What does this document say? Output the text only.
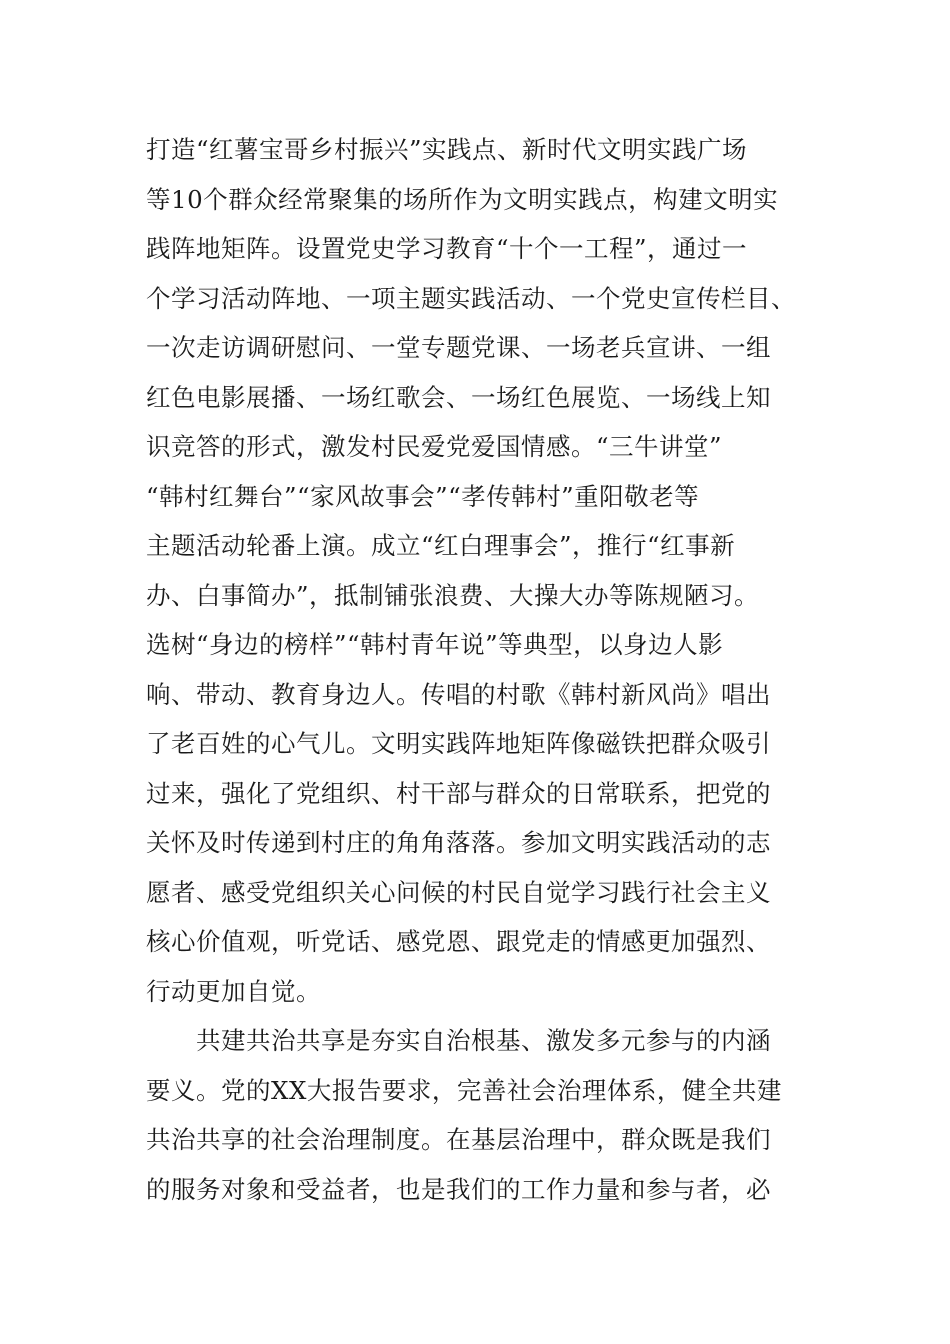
打造“红薯宝哥乡村振兴”实践点、新时代文明实践广场
等10个群众经常聚集的场所作为文明实践点，构建文明实
践阵地矩阵。设置党史学习教育“十个一工程”，通过一
个学习活动阵地、一项主题实践活动、一个党史宣传栏目、
一次走访调研慰问、一堂专题党课、一场老兵宣讲、一组
红色电影展播、一场红歌会、一场红色展览、一场线上知
识竞答的形式，激发村民爱党爱国情感。“三牛讲堂”
“韩村红舞台”“家风故事会”“孝传韩村”重阳敬老等
主题活动轮番上演。成立“红白理事会”，推行“红事新
办、白事简办”，抵制铺张浪费、大操大办等陈规陋习。
选树“身边的榜样”“韩村青年说”等典型，以身边人影
响、带动、教育身边人。传唱的村歌《韩村新风尚》唱出
了老百姓的心气儿。文明实践阵地矩阵像磁铁把群众吸引
过来，强化了党组织、村干部与群众的日常联系，把党的
关怀及时传递到村庄的角角落落。参加文明实践活动的志
愿者、感受党组织关心问候的村民自觉学习践行社会主义
核心价值观，听党话、感党恩、跟党走的情感更加强烈、
行动更加自觉。
共建共治共享是夯实自治根基、激发多元参与的内涵
要义。党的XX大报告要求，完善社会治理体系，健全共建
共治共享的社会治理制度。在基层治理中，群众既是我们
的服务对象和受益者，也是我们的工作力量和参与者，必
